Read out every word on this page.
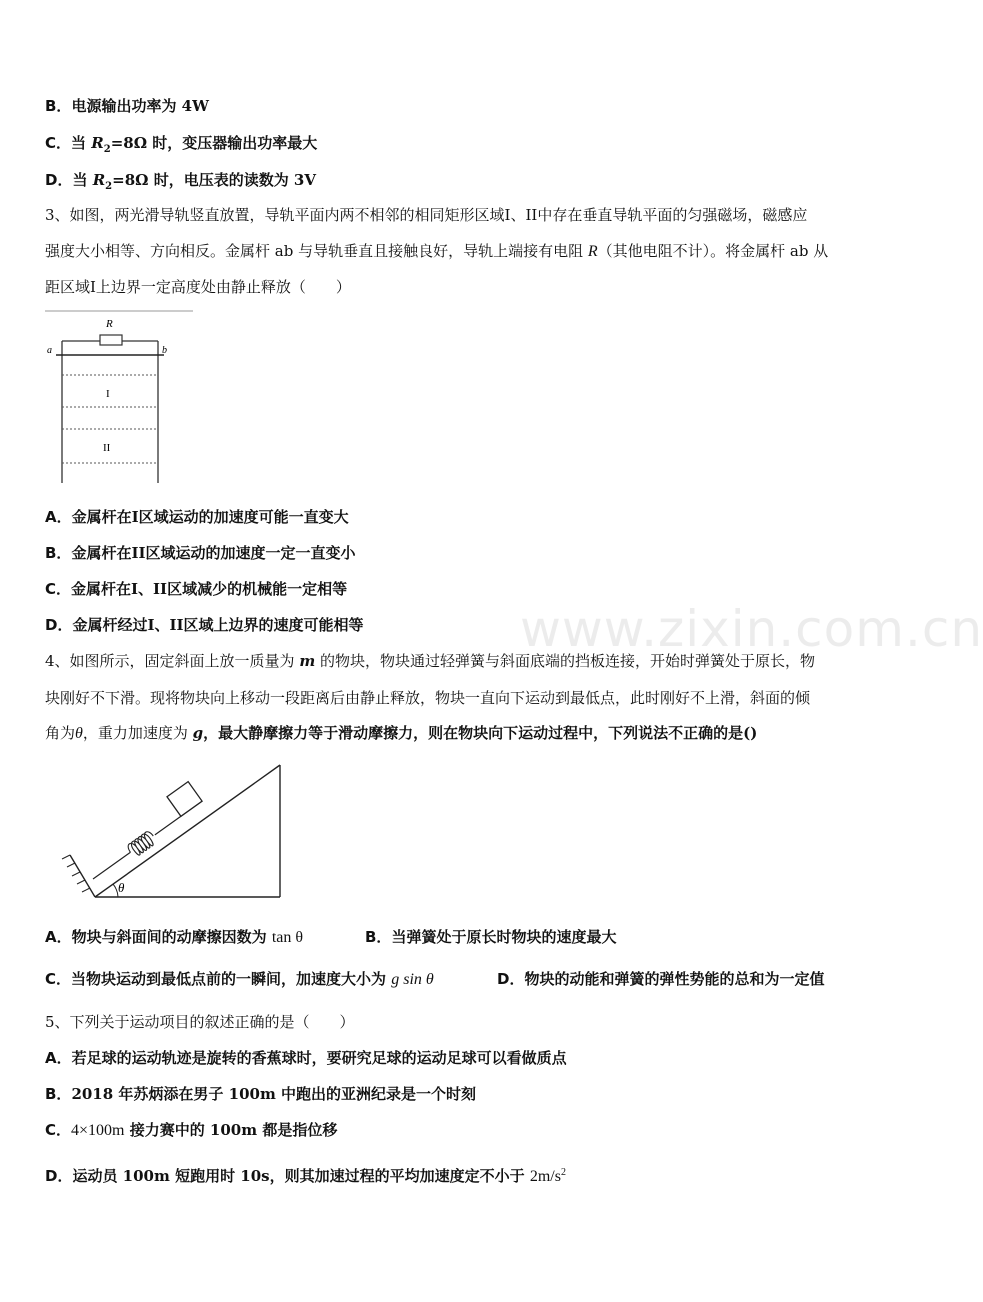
B．电源输出功率为 4W
C．当 $R_2=8\Omega$ 时，变压器输出功率最大
D．当 $R_2=8\Omega$ 时，电压表的读数为 3V
3、如图，两光滑导轨竖直放置，导轨平面内两不相邻的相同矩形区域I、II中存在垂直导轨平面的匀强磁场，磁感应
强度大小相等、方向相反。金属杆 ab 与导轨垂直且接触良好，导轨上端接有电阻 R（其他电阻不计）。将金属杆 ab 从
距区域I上边界一定高度处由静止释放（　　）
R
a	b
I
II
A．金属杆在I区域运动的加速度可能一直变大
B．金属杆在II区域运动的加速度一定一直变小
C．金属杆在I、II区域减少的机械能一定相等
D．金属杆经过I、II区域上边界的速度可能相等	www.zixin.com.cn
4、如图所示，固定斜面上放一质量为 m 的物块，物块通过轻弹簧与斜面底端的挡板连接，开始时弹簧处于原长，物
块刚好不下滑。现将物块向上移动一段距离后由静止释放，物块一直向下运动到最低点，此时刚好不上滑，斜面的倾
角为θ，重力加速度为 g，最大静摩擦力等于滑动摩擦力，则在物块向下运动过程中，下列说法不正确的是()
θ
A．物块与斜面间的动摩擦因数为 tan θ	B．当弹簧处于原长时物块的速度最大
C．当物块运动到最低点前的一瞬间，加速度大小为 g sin θ	D．物块的动能和弹簧的弹性势能的总和为一定值
5、下列关于运动项目的叙述正确的是（　　）
A．若足球的运动轨迹是旋转的香蕉球时，要研究足球的运动足球可以看做质点
B．2018 年苏炳添在男子 100m 中跑出的亚洲纪录是一个时刻
C．4×100m 接力赛中的 100m 都是指位移
D．运动员 100m 短跑用时 10s，则其加速过程的平均加速度定不小于 $2m/s^2$
